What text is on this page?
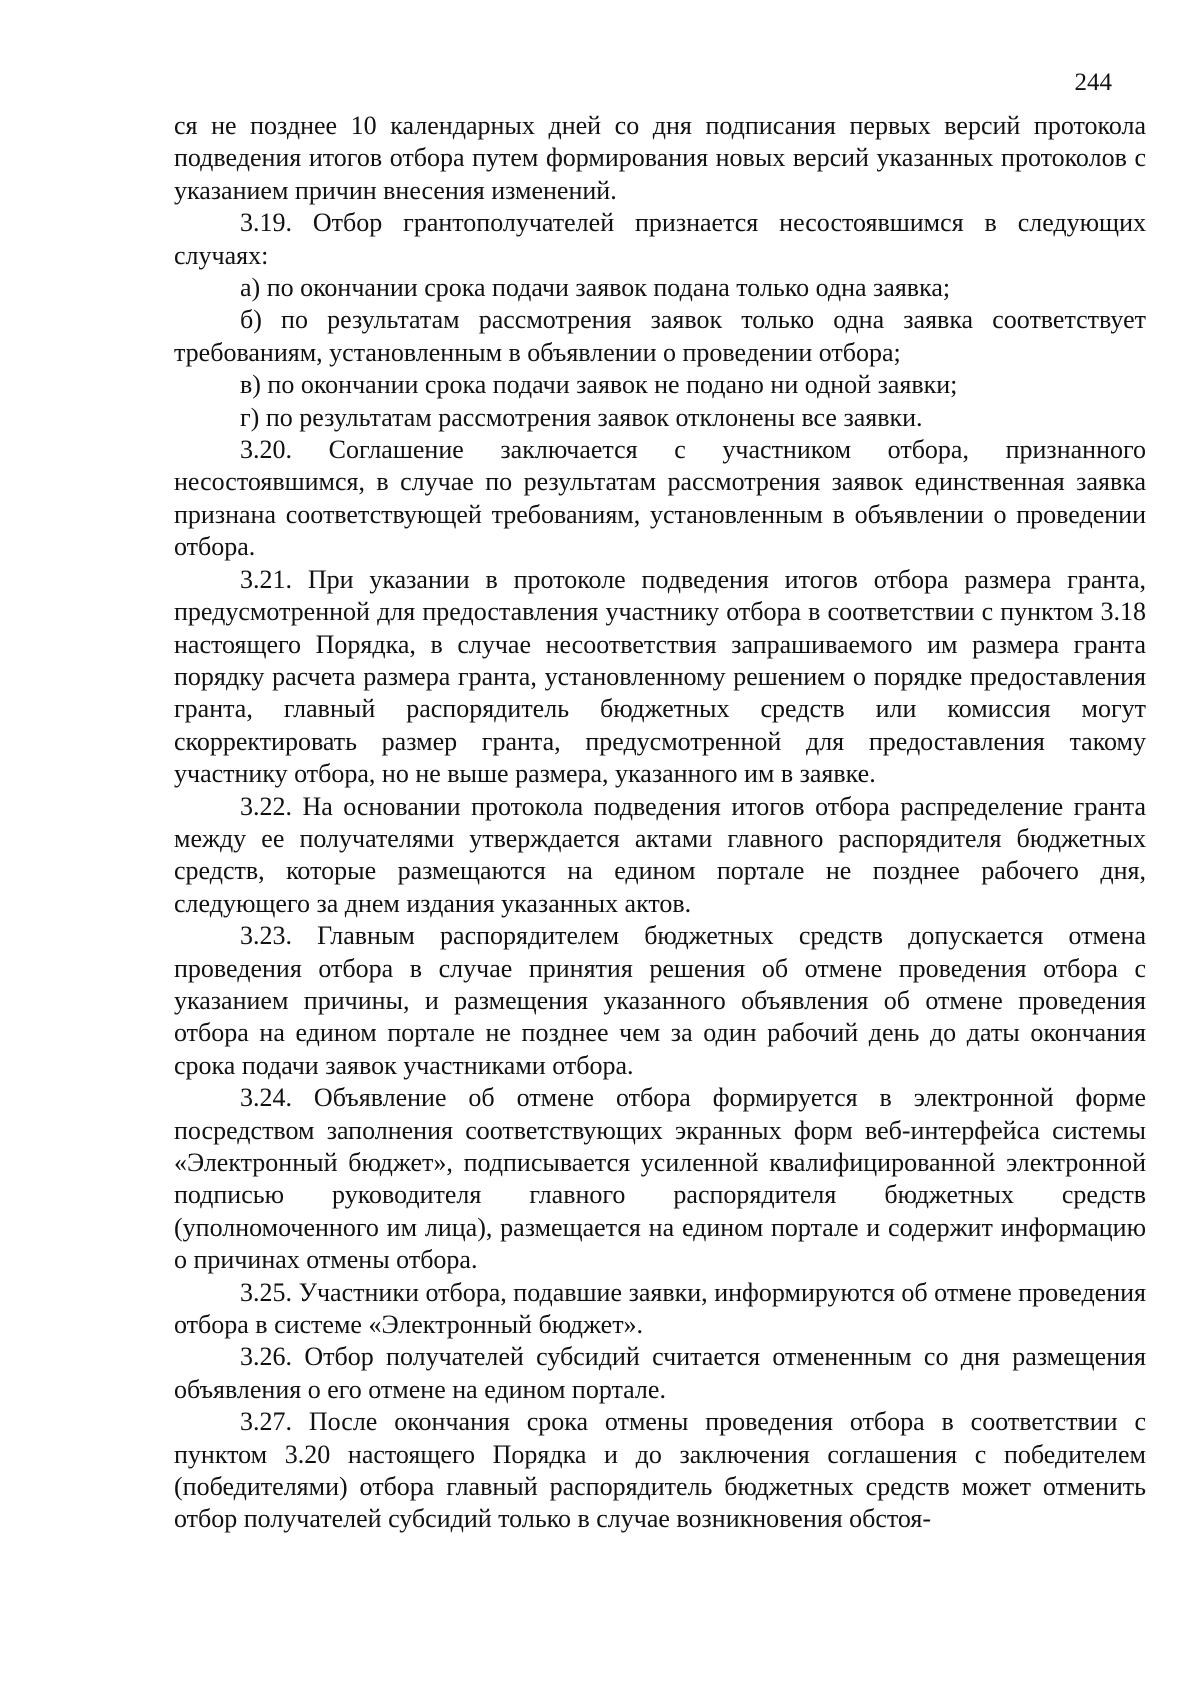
244

ся не позднее 10 календарных дней со дня подписания первых версий протокола подведения итогов отбора путем формирования новых версий указанных протоколов с указанием причин внесения изменений.

3.19. Отбор грантополучателей признается несостоявшимся в следующих случаях:

а) по окончании срока подачи заявок подана только одна заявка;

б) по результатам рассмотрения заявок только одна заявка соответствует требованиям, установленным в объявлении о проведении отбора;

в) по окончании срока подачи заявок не подано ни одной заявки;

г) по результатам рассмотрения заявок отклонены все заявки.

3.20. Соглашение заключается с участником отбора, признанного несостоявшимся, в случае по результатам рассмотрения заявок единственная заявка признана соответствующей требованиям, установленным в объявлении о проведении отбора.

3.21. При указании в протоколе подведения итогов отбора размера гранта, предусмотренной для предоставления участнику отбора в соответствии с пунктом 3.18 настоящего Порядка, в случае несоответствия запрашиваемого им размера гранта порядку расчета размера гранта, установленному решением о порядке предоставления гранта, главный распорядитель бюджетных средств или комиссия могут скорректировать размер гранта, предусмотренной для предоставления такому участнику отбора, но не выше размера, указанного им в заявке.

3.22. На основании протокола подведения итогов отбора распределение гранта между ее получателями утверждается актами главного распорядителя бюджетных средств, которые размещаются на едином портале не позднее рабочего дня, следующего за днем издания указанных актов.

3.23. Главным распорядителем бюджетных средств допускается отмена проведения отбора в случае принятия решения об отмене проведения отбора с указанием причины, и размещения указанного объявления об отмене проведения отбора на едином портале не позднее чем за один рабочий день до даты окончания срока подачи заявок участниками отбора.

3.24. Объявление об отмене отбора формируется в электронной форме посредством заполнения соответствующих экранных форм веб-интерфейса системы «Электронный бюджет», подписывается усиленной квалифицированной электронной подписью руководителя главного распорядителя бюджетных средств (уполномоченного им лица), размещается на едином портале и содержит информацию о причинах отмены отбора.

3.25. Участники отбора, подавшие заявки, информируются об отмене проведения отбора в системе «Электронный бюджет».

3.26. Отбор получателей субсидий считается отмененным со дня размещения объявления о его отмене на едином портале.

3.27. После окончания срока отмены проведения отбора в соответствии с пунктом 3.20 настоящего Порядка и до заключения соглашения с победителем (победителями) отбора главный распорядитель бюджетных средств может отменить отбор получателей субсидий только в случае возникновения обстоя-
